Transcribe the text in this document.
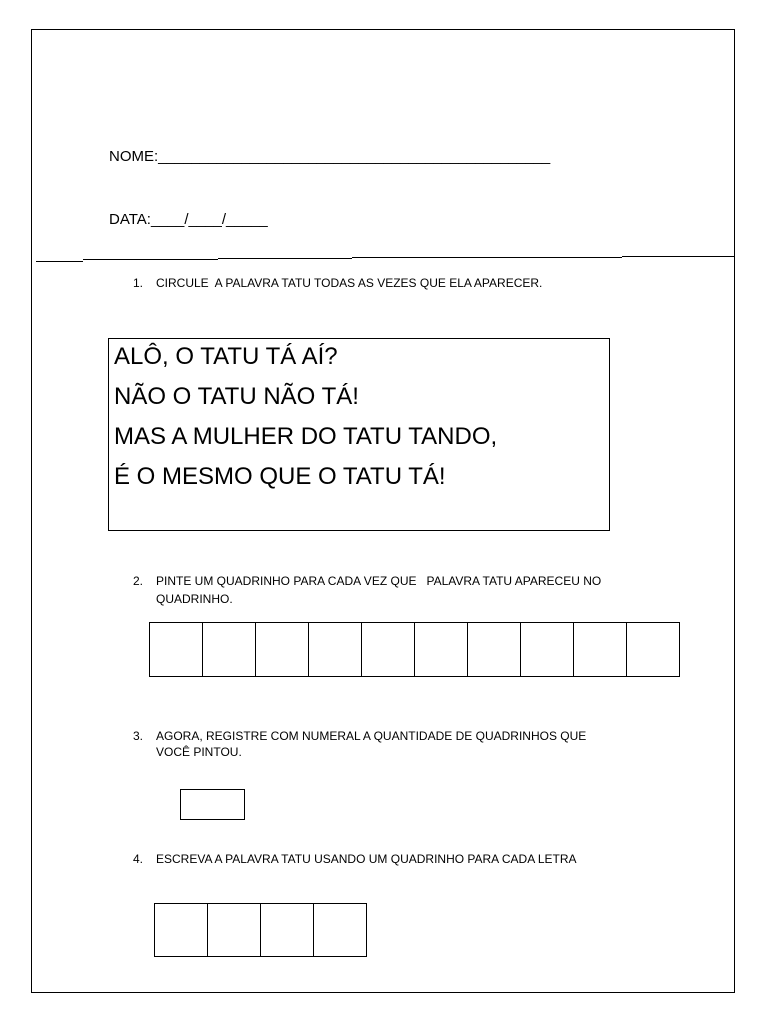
NOME:_______________________________________________
DATA:____/____/_____
1. CIRCULE  A PALAVRA TATU TODAS AS VEZES QUE ELA APARECER.
ALÔ, O TATU TÁ AÍ?
NÃO O TATU NÃO TÁ!
MAS A MULHER DO TATU TANDO,
É O MESMO QUE O TATU TÁ!
2. PINTE UM QUADRINHO PARA CADA VEZ QUE   PALAVRA TATU APARECEU NO
QUADRINHO.
3. AGORA, REGISTRE COM NUMERAL A QUANTIDADE DE QUADRINHOS QUE
VOCÊ PINTOU.
4. ESCREVA A PALAVRA TATU USANDO UM QUADRINHO PARA CADA LETRA
